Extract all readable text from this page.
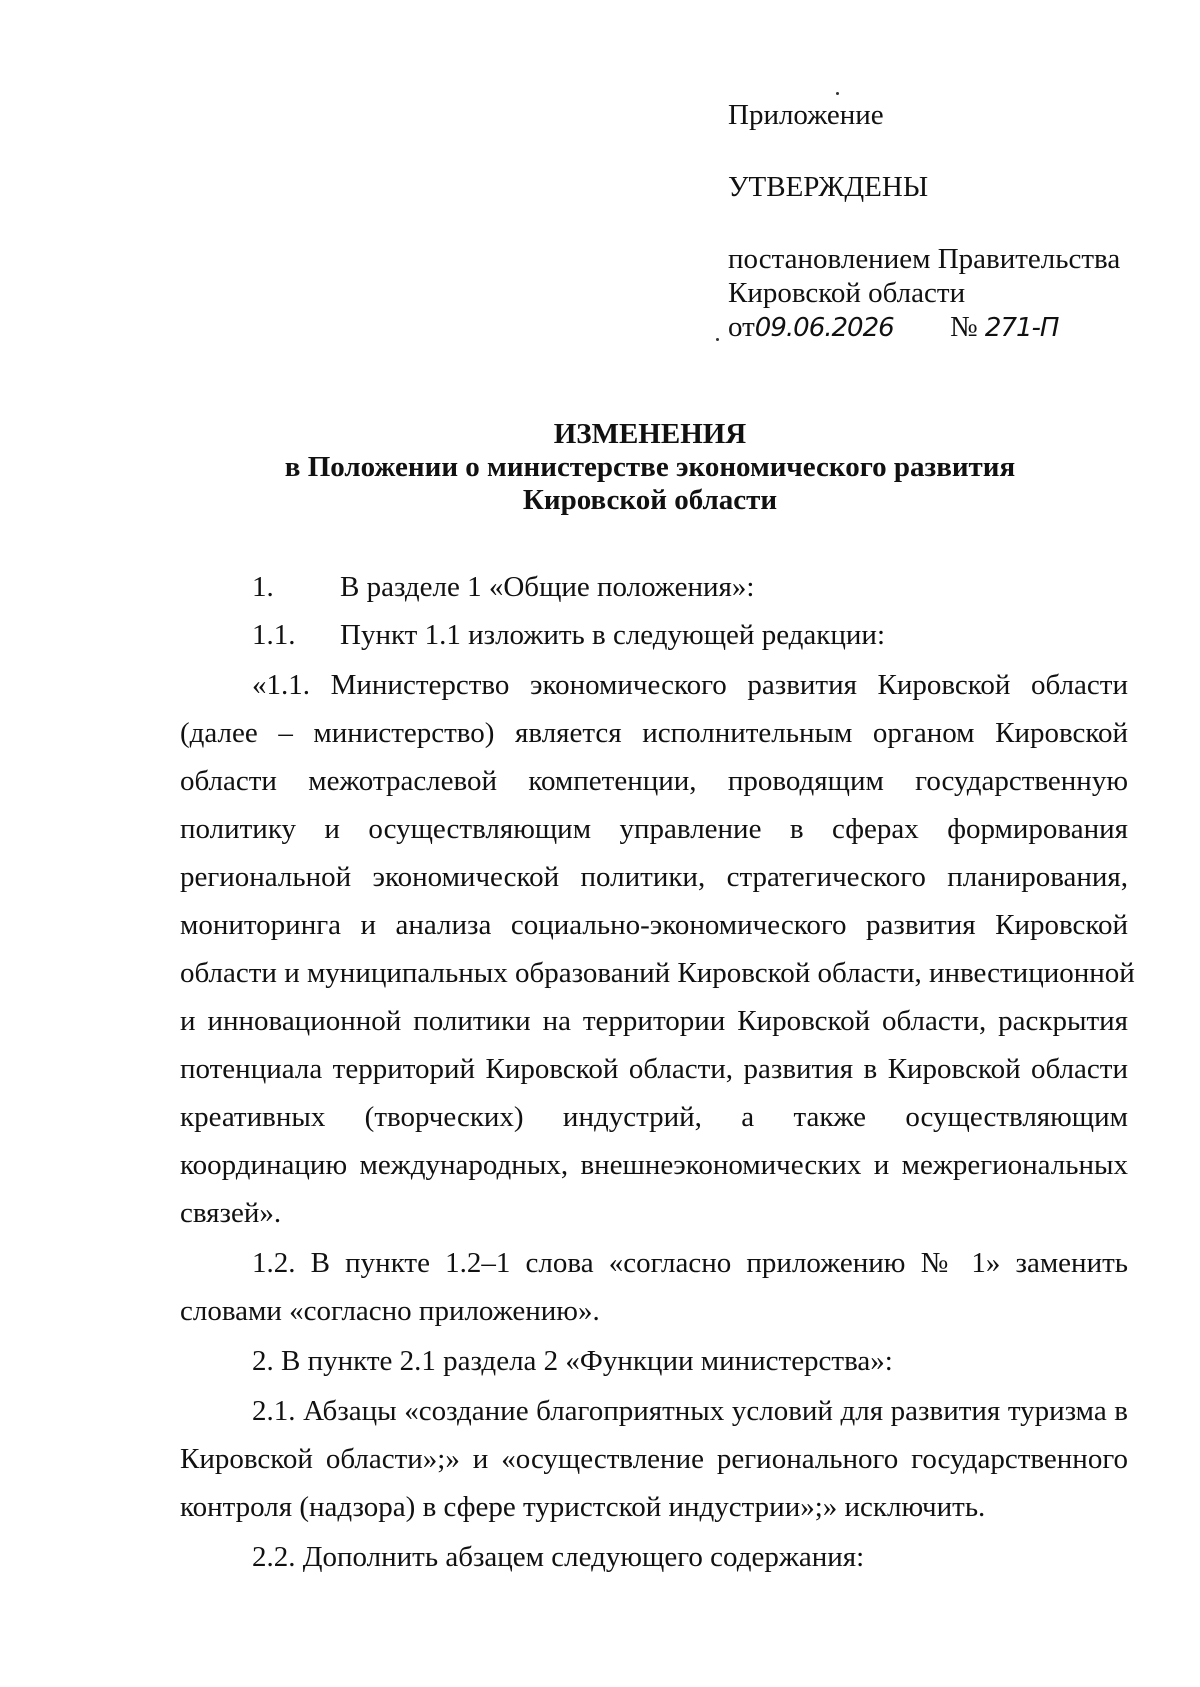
Приложение
УТВЕРЖДЕНЫ
постановлением Правительства
Кировской области
от09.06.2026 № 271-П
ИЗМЕНЕНИЯ
в Положении о министерстве экономического развития
Кировской области
1. В разделе 1 «Общие положения»:
1.1. Пункт 1.1 изложить в следующей редакции:
«1.1. Министерство экономического развития Кировской области
(далее – министерство) является исполнительным органом Кировской
области межотраслевой компетенции, проводящим государственную
политику и осуществляющим управление в сферах формирования
региональной экономической политики, стратегического планирования,
мониторинга и анализа социально-экономического развития Кировской
области и муниципальных образований Кировской области, инвестиционной
и инновационной политики на территории Кировской области, раскрытия
потенциала территорий Кировской области, развития в Кировской области
креативных (творческих) индустрий, а также осуществляющим
координацию международных, внешнеэкономических и межрегиональных
связей».
1.2. В пункте 1.2–1 слова «согласно приложению № 1» заменить
словами «согласно приложению».
2. В пункте 2.1 раздела 2 «Функции министерства»:
2.1. Абзацы «создание благоприятных условий для развития туризма в
Кировской области»;» и «осуществление регионального государственного
контроля (надзора) в сфере туристской индустрии»;» исключить.
2.2. Дополнить абзацем следующего содержания:
